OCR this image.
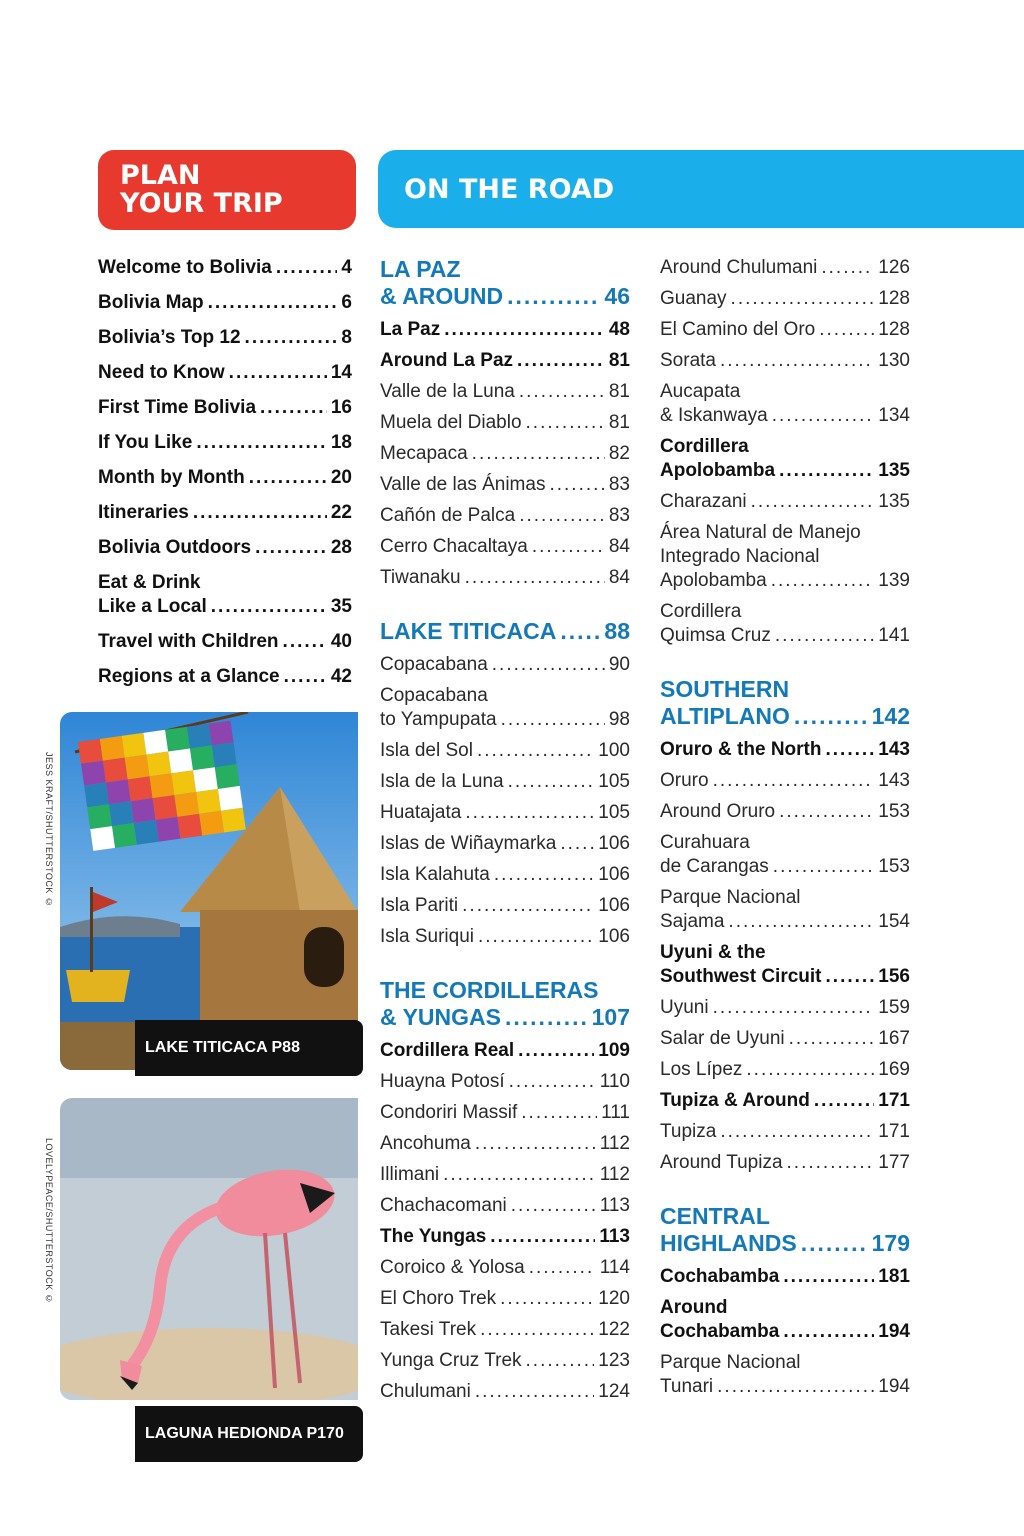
PLAN
YOUR TRIP	ON THE ROAD
Welcome to Bolivia .....	4
Bolivia Map .....	6
Bolivia’s Top 12 .....	8
Need to Know .....	14
First Time Bolivia .....	16
If You Like .....	18
Month by Month .....	20
Itineraries .....	22
Bolivia Outdoors .....	28
Eat & Drink
Like a Local .....	35
Travel with Children .....	40
Regions at a Glance .....	42
LAKE TITICACA P88
JESS KRAFT/SHUTTERSTOCK ©
LAGUNA HEDIONDA P170
LOVELYPEACE/SHUTTERSTOCK ©
LA PAZ
& AROUND .....	46
La Paz .....	48
Around La Paz .....	81
Valle de la Luna .....	81
Muela del Diablo .....	81
Mecapaca .....	82
Valle de las Ánimas .....	83
Cañón de Palca .....	83
Cerro Chacaltaya .....	84
Tiwanaku .....	84
LAKE TITICACA ..... 88
Copacabana .....	90
Copacabana
to Yampupata .....	98
Isla del Sol .....	100
Isla de la Luna .....	105
Huatajata .....	105
Islas de Wiñaymarka ..... 106
Isla Kalahuta .....	106
Isla Pariti .....	106
Isla Suriqui .....	106
THE CORDILLERAS
& YUNGAS .....	107
Cordillera Real .....	109
Huayna Potosí .....	110
Condoriri Massif .....	111
Ancohuma .....	112
Illimani .....	112
Chachacomani .....	113
The Yungas .....	113
Coroico & Yolosa .....	114
El Choro Trek .....	120
Takesi Trek .....	122
Yunga Cruz Trek .....	123
Chulumani .....	124
Around Chulumani .....	126
Guanay .....	128
El Camino del Oro .....	128
Sorata .....	130
Aucapata
& Iskanwaya .....	134
Cordillera
Apolobamba .....	135
Charazani .....	135
Área Natural de Manejo
Integrado Nacional
Apolobamba .....	139
Cordillera
Quimsa Cruz .....	141
SOUTHERN
ALTIPLANO .....	142
Oruro & the North .....	143
Oruro .....	143
Around Oruro .....	153
Curahuara
de Carangas .....	153
Parque Nacional
Sajama .....	154
Uyuni & the
Southwest Circuit .....	156
Uyuni .....	159
Salar de Uyuni .....	167
Los Lípez .....	169
Tupiza & Around .....	171
Tupiza .....	171
Around Tupiza .....	177
CENTRAL
HIGHLANDS .....	179
Cochabamba .....	181
Around
Cochabamba .....	194
Parque Nacional
Tunari .....	194
